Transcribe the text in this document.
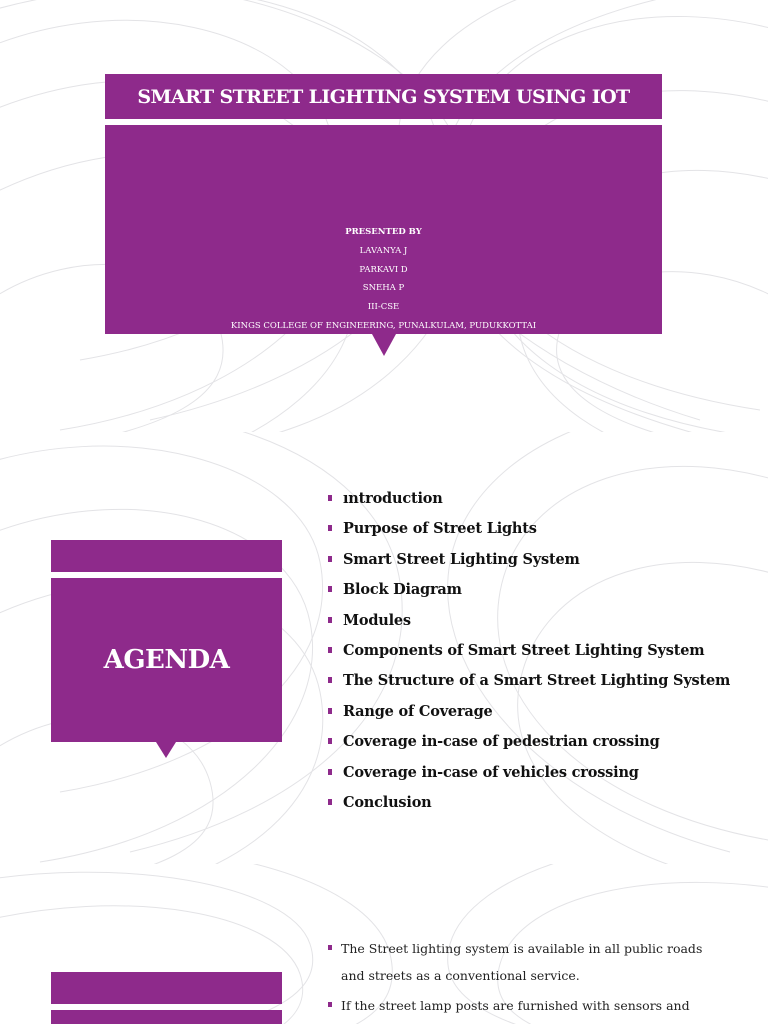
SMART STREET LIGHTING SYSTEM USING IOT
PRESENTED BY
LAVANYA J
PARKAVI D
SNEHA P
III-CSE
KINGS COLLEGE OF ENGINEERING, PUNALKULAM, PUDUKKOTTAI
AGENDA
ıntroduction
Purpose of Street Lights
Smart Street Lighting System
Block Diagram
Modules
Components of Smart Street Lighting System
The Structure of a Smart Street Lighting System
Range of Coverage
Coverage in-case of pedestrian crossing
Coverage in-case of vehicles crossing
Conclusion
The Street lighting system is available in all public roads and streets as a conventional service.
If the street lamp posts are furnished with sensors and
